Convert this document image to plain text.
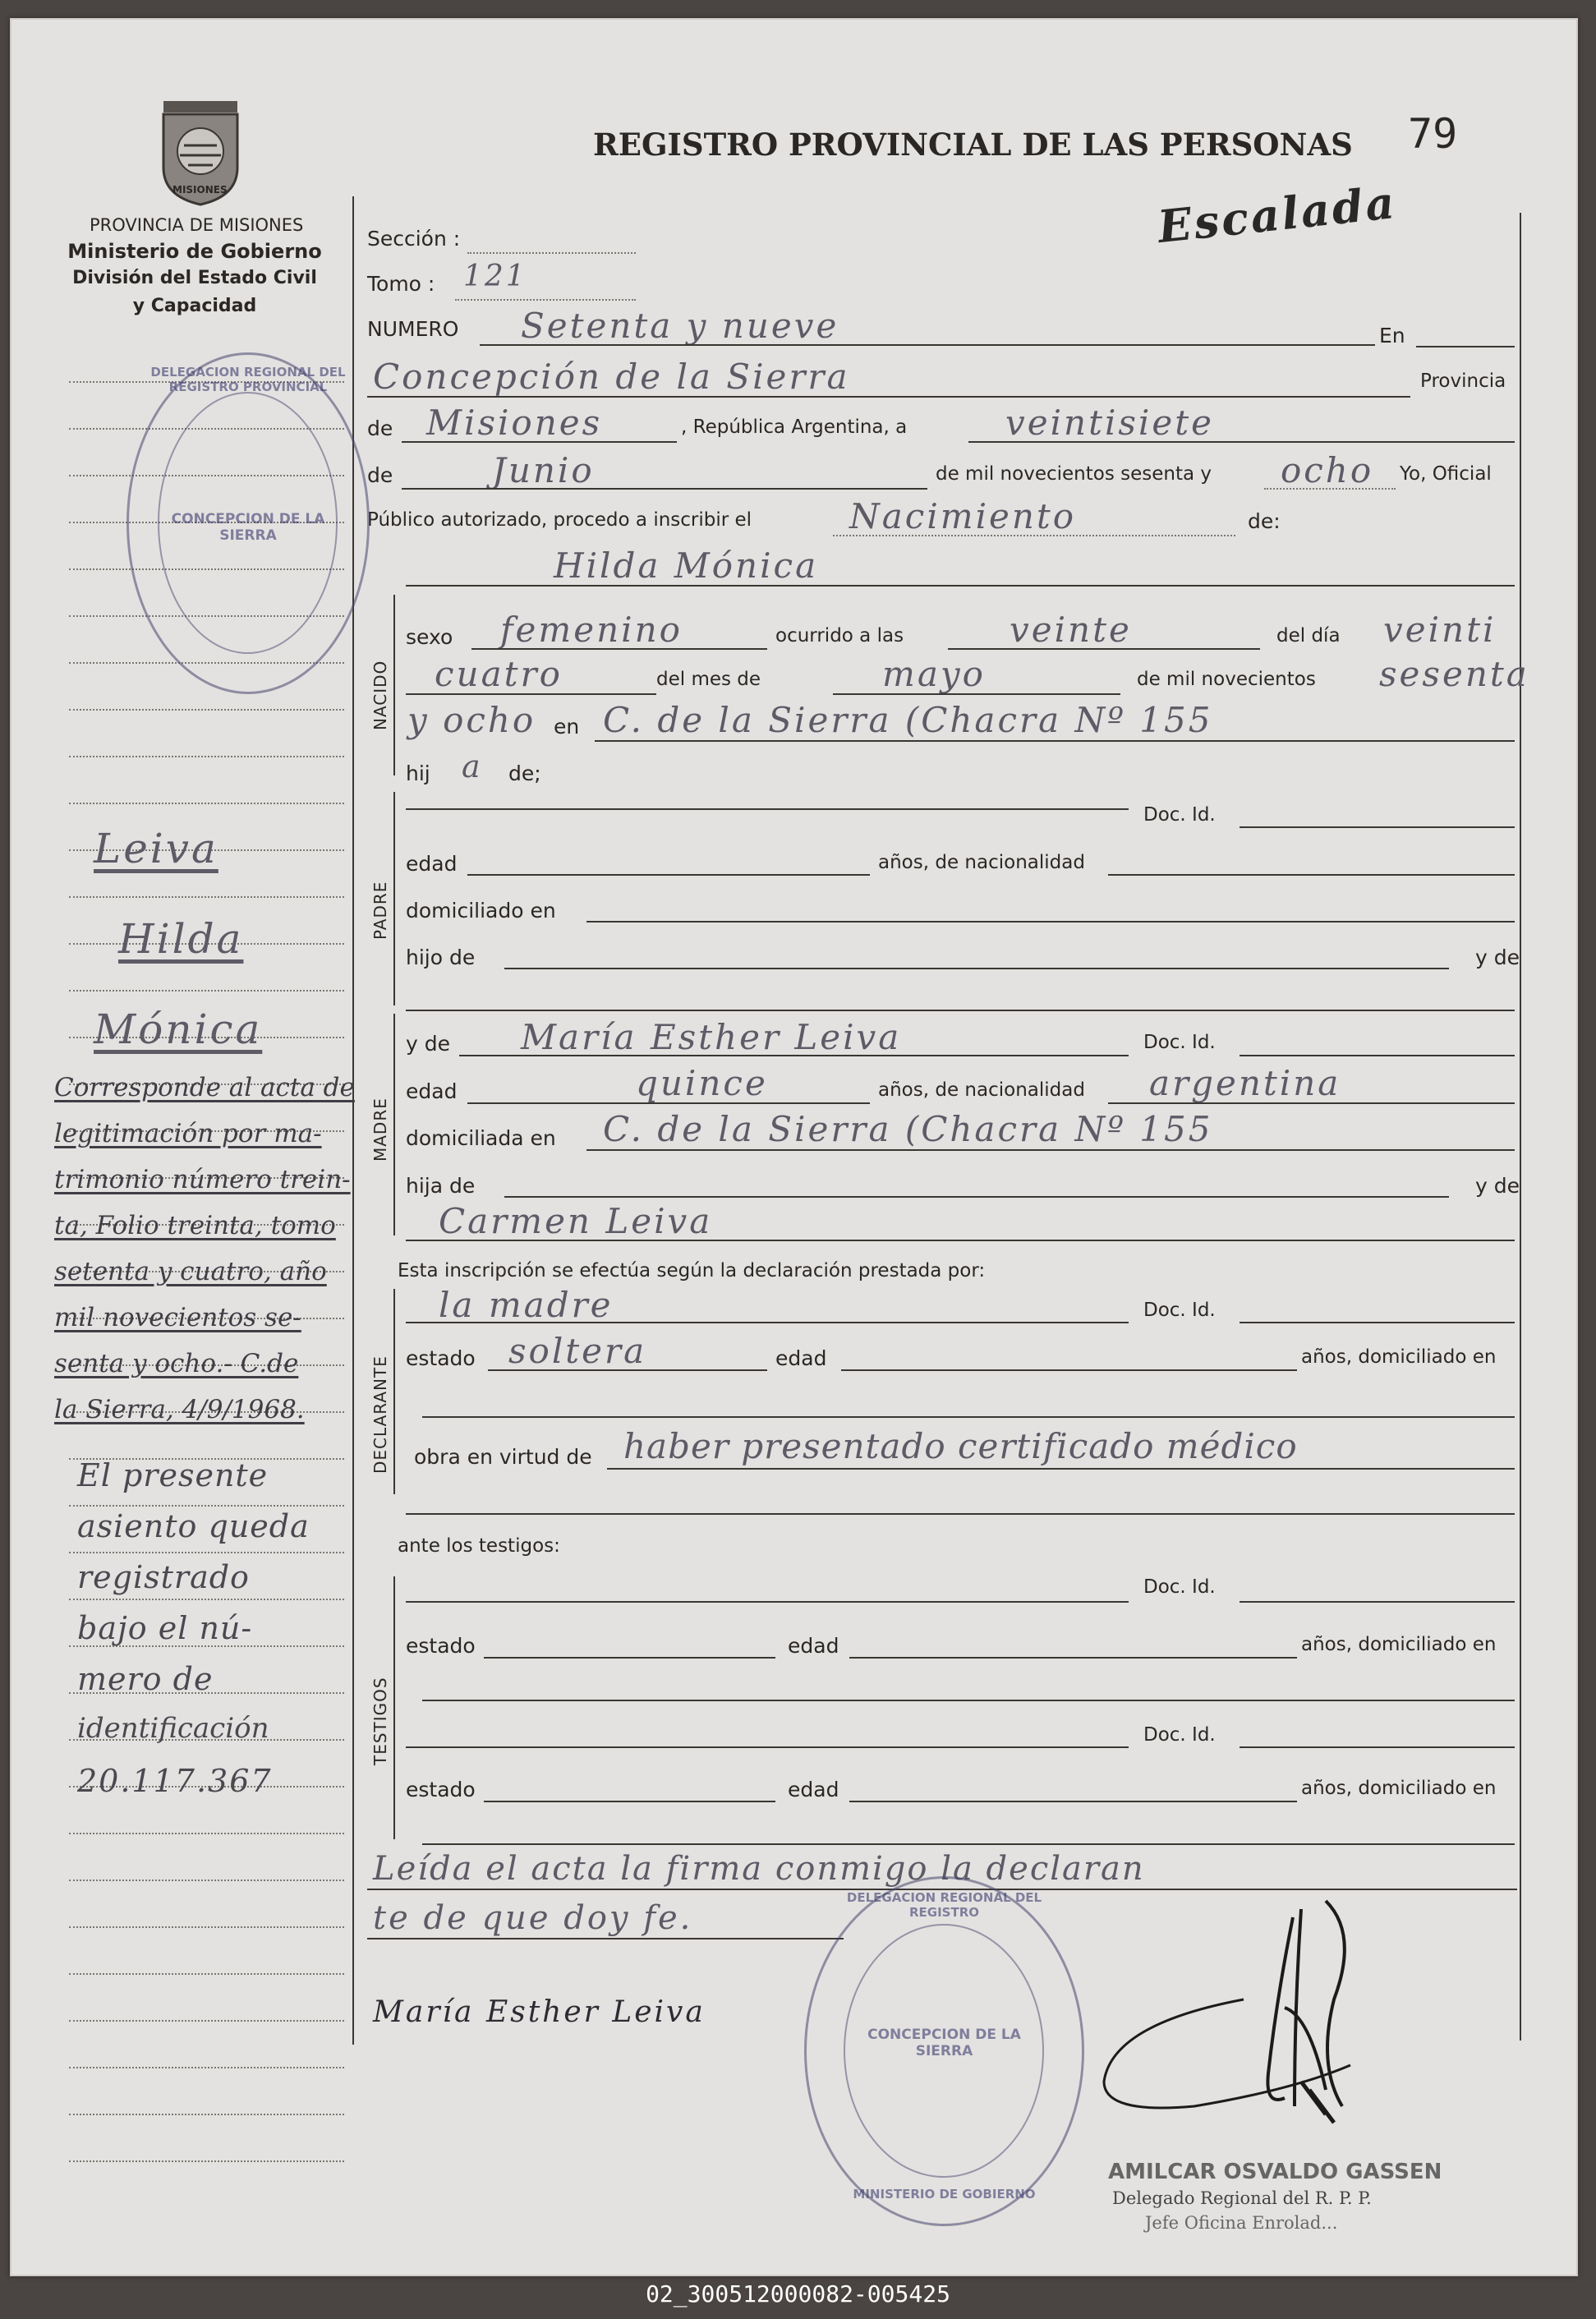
MISIONES
PROVINCIA DE MISIONES
Ministerio de Gobierno
División del Estado Civil
y Capacidad
REGISTRO PROVINCIAL DE LAS PERSONAS 79
Escalada
NACIDO
PADRE
MADRE
DECLARANTE
TESTIGOS
Sección :
Tomo : 121
NUMERO Setenta y nueve	En
Concepción de la Sierra	Provincia
de Misiones	, República Argentina, a	veintisiete
de	Junio	de mil novecientos sesenta y ocho Yo, Oficial
Público autorizado, procedo a inscribir el	Nacimiento	de:
Hilda Mónica
sexo femenino	ocurrido a las	veinte	del día veinti
cuatro	del mes de	mayo	de mil novecientos sesenta
y ocho en C. de la Sierra (Chacra Nº 155
hij a de;
Doc. Id.
edad	años, de nacionalidad
domiciliado en
hijo de	y de
y de María Esther Leiva	Doc. Id.
edad	quince	años, de nacionalidad argentina
domiciliada en C. de la Sierra (Chacra Nº 155
hija de	y de
Carmen Leiva
Esta inscripción se efectúa según la declaración prestada por:
la madre	Doc. Id.
estado soltera	edad	años, domiciliado en
obra en virtud de haber presentado certificado médico
ante los testigos:
Doc. Id.
estado	edad	años, domiciliado en
Doc. Id.
estado	edad	años, domiciliado en
Leída el acta la firma conmigo la declaran
te de que doy fe.
María Esther Leiva
AMILCAR OSVALDO GASSEN
Delegado Regional del R. P. P.
Jefe Oficina Enrolad...
Leiva
Hilda
Mónica
Corresponde al acta de
legitimación por ma-
trimonio número trein-
ta, Folio treinta, tomo
setenta y cuatro, año
mil novecientos se-
senta y ocho.- C.de
la Sierra, 4/9/1968.
El presente
asiento queda
registrado
bajo el nú-
mero de
identificación
20.117.367
DELEGACION REGIONAL DEL REGISTRO PROVINCIAL
CONCEPCION DE LA SIERRA
DELEGACION REGIONAL DEL REGISTRO
CONCEPCION DE LA SIERRA
MINISTERIO DE GOBIERNO
02_300512000082-005425
